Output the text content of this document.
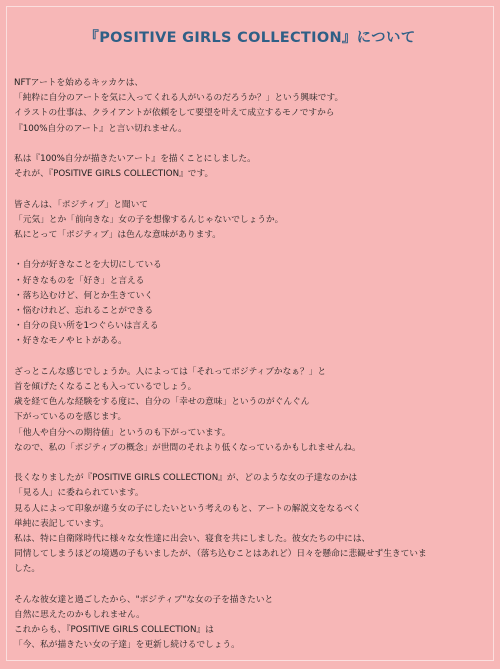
『POSITIVE GIRLS COLLECTION』について
NFTアートを始めるキッカケは、
「純粋に自分のアートを気に入ってくれる人がいるのだろうか？」という興味です。
イラストの仕事は、クライアントが依頼をして要望を叶えて成立するモノですから
『100%自分のアート』と言い切れません。
私は『100%自分が描きたいアート』を描くことにしました。
それが、『POSITIVE GIRLS COLLECTION』です。
皆さんは、「ポジティブ」と聞いて
「元気」とか「前向きな」女の子を想像するんじゃないでしょうか。
私にとって「ポジティブ」は色んな意味があります。
・自分が好きなことを大切にしている
・好きなものを「好き」と言える
・落ち込むけど、何とか生きていく
・悩むけれど、忘れることができる
・自分の良い所を1つぐらいは言える
・好きなモノやヒトがある。
ざっとこんな感じでしょうか。人によっては「それってポジティブかなぁ？」と
首を傾げたくなることも入っているでしょう。
歳を経て色んな経験をする度に、自分の「幸せの意味」というのがぐんぐん
下がっているのを感じます。
「他人や自分への期待値」というのも下がっています。
なので、私の「ポジティブの概念」が世間のそれより低くなっているかもしれませんね。
長くなりましたが『POSITIVE GIRLS COLLECTION』が、どのような女の子達なのかは
「見る人」に委ねられています。
見る人によって印象が違う女の子にしたいという考えのもと、アートの解説文をなるべく
単純に表記しています。
私は、特に自衛隊時代に様々な女性達に出会い、寝食を共にしました。彼女たちの中には、
同情してしまうほどの境遇の子もいましたが、（落ち込むことはあれど）日々を懸命に悲観せず生きていま
した。
そんな彼女達と過ごしたから、"ポジティブ"な女の子を描きたいと
自然に思えたのかもしれません。
これからも、『POSITIVE GIRLS COLLECTION』は
「今、私が描きたい女の子達」を更新し続けるでしょう。
